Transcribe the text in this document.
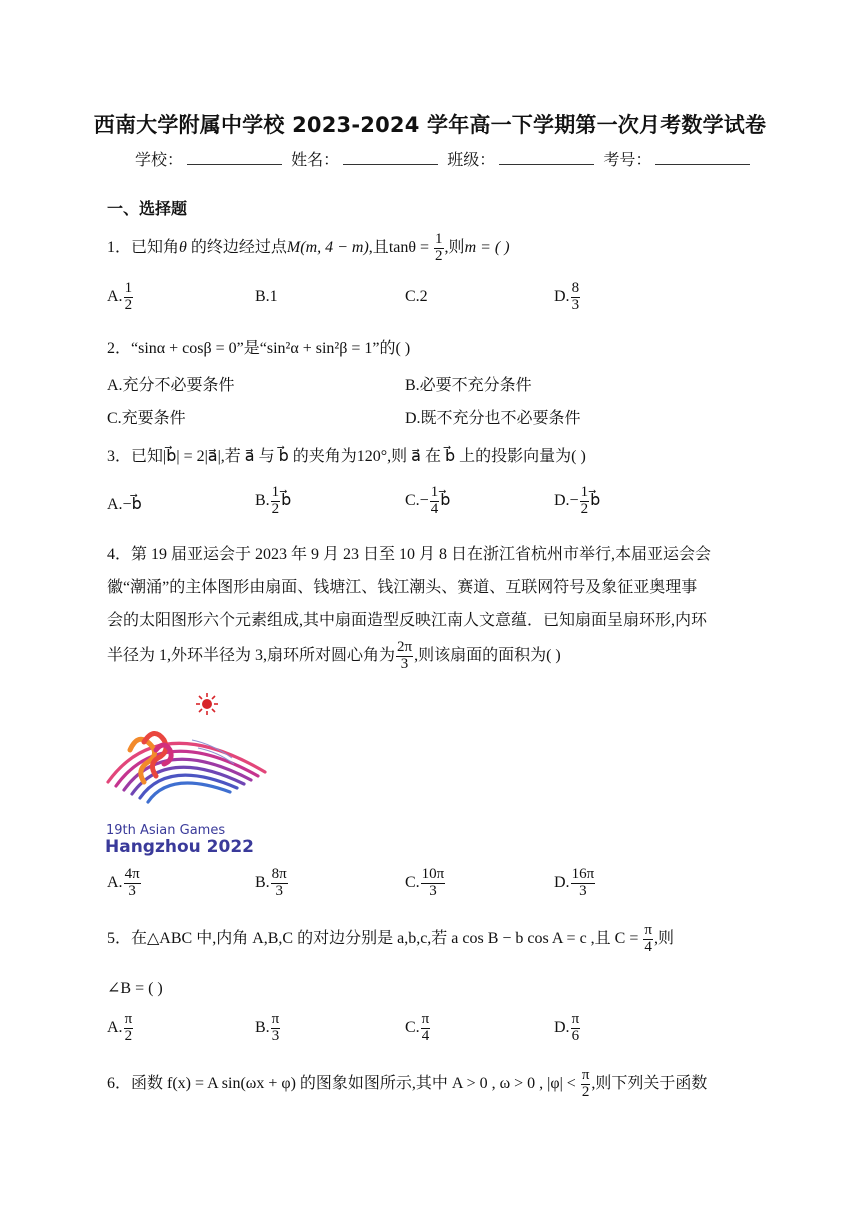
西南大学附属中学校 2023-2024 学年高一下学期第一次月考数学试卷
学校：	姓名：	班级：	考号：
一、选择题
1．已知角θ 的终边经过点M(m, 4 − m),且$\tan\theta = \frac{1}{2}$ ,则m = ( )
A. $\frac{1}{2}$	B.1	C.2	D. $\frac{8}{3}$
2．“sinα + cosβ = 0”是“sin²α + sin²β = 1”的( )
A.充分不必要条件	B.必要不充分条件
C.充要条件	D.既不充分也不必要条件
3．已知|b⃗| = 2|a⃗|,若 a⃗ 与 b⃗ 的夹角为120°,则 a⃗ 在 b⃗ 上的投影向量为( )
A.−b⃗	B. $\frac{1}{2}$ b⃗	$C.- \frac{1}{4}$ b⃗	$D.- \frac{1}{2}$ b⃗
4．第 19 届亚运会于 2023 年 9 月 23 日至 10 月 8 日在浙江省杭州市举行,本届亚运会会
徽“潮涌”的主体图形由扇面、钱塘江、钱江潮头、赛道、互联网符号及象征亚奥理事
会的太阳图形六个元素组成,其中扇面造型反映江南人文意蕴．已知扇面呈扇环形,内环
半径为 1,外环半径为 3,扇环所对圆心角为 $\frac{2\pi}{3}$ ,则该扇面的面积为( )
19th Asian Games
Hangzhou 2022
A. $\frac{4\pi}{3}$	B. $\frac{8\pi}{3}$	C. $\frac{10\pi}{3}$	D. $\frac{16\pi}{3}$
5．在△ABC 中,内角 A,B,C 的对边分别是 a,b,c,若 a cos B − b cos A = c ,且 $C = \frac{\pi}{4}$ ,则
∠B = ( )
A. $\frac{\pi}{2}$	B. $\frac{\pi}{3}$	C. $\frac{\pi}{4}$	D. $\frac{\pi}{6}$
6．函数 f(x) = A sin(ωx + φ) 的图象如图所示,其中 A > 0 , ω > 0 , $|\varphi| < \frac{\pi}{2}$ ,则下列关于函数
